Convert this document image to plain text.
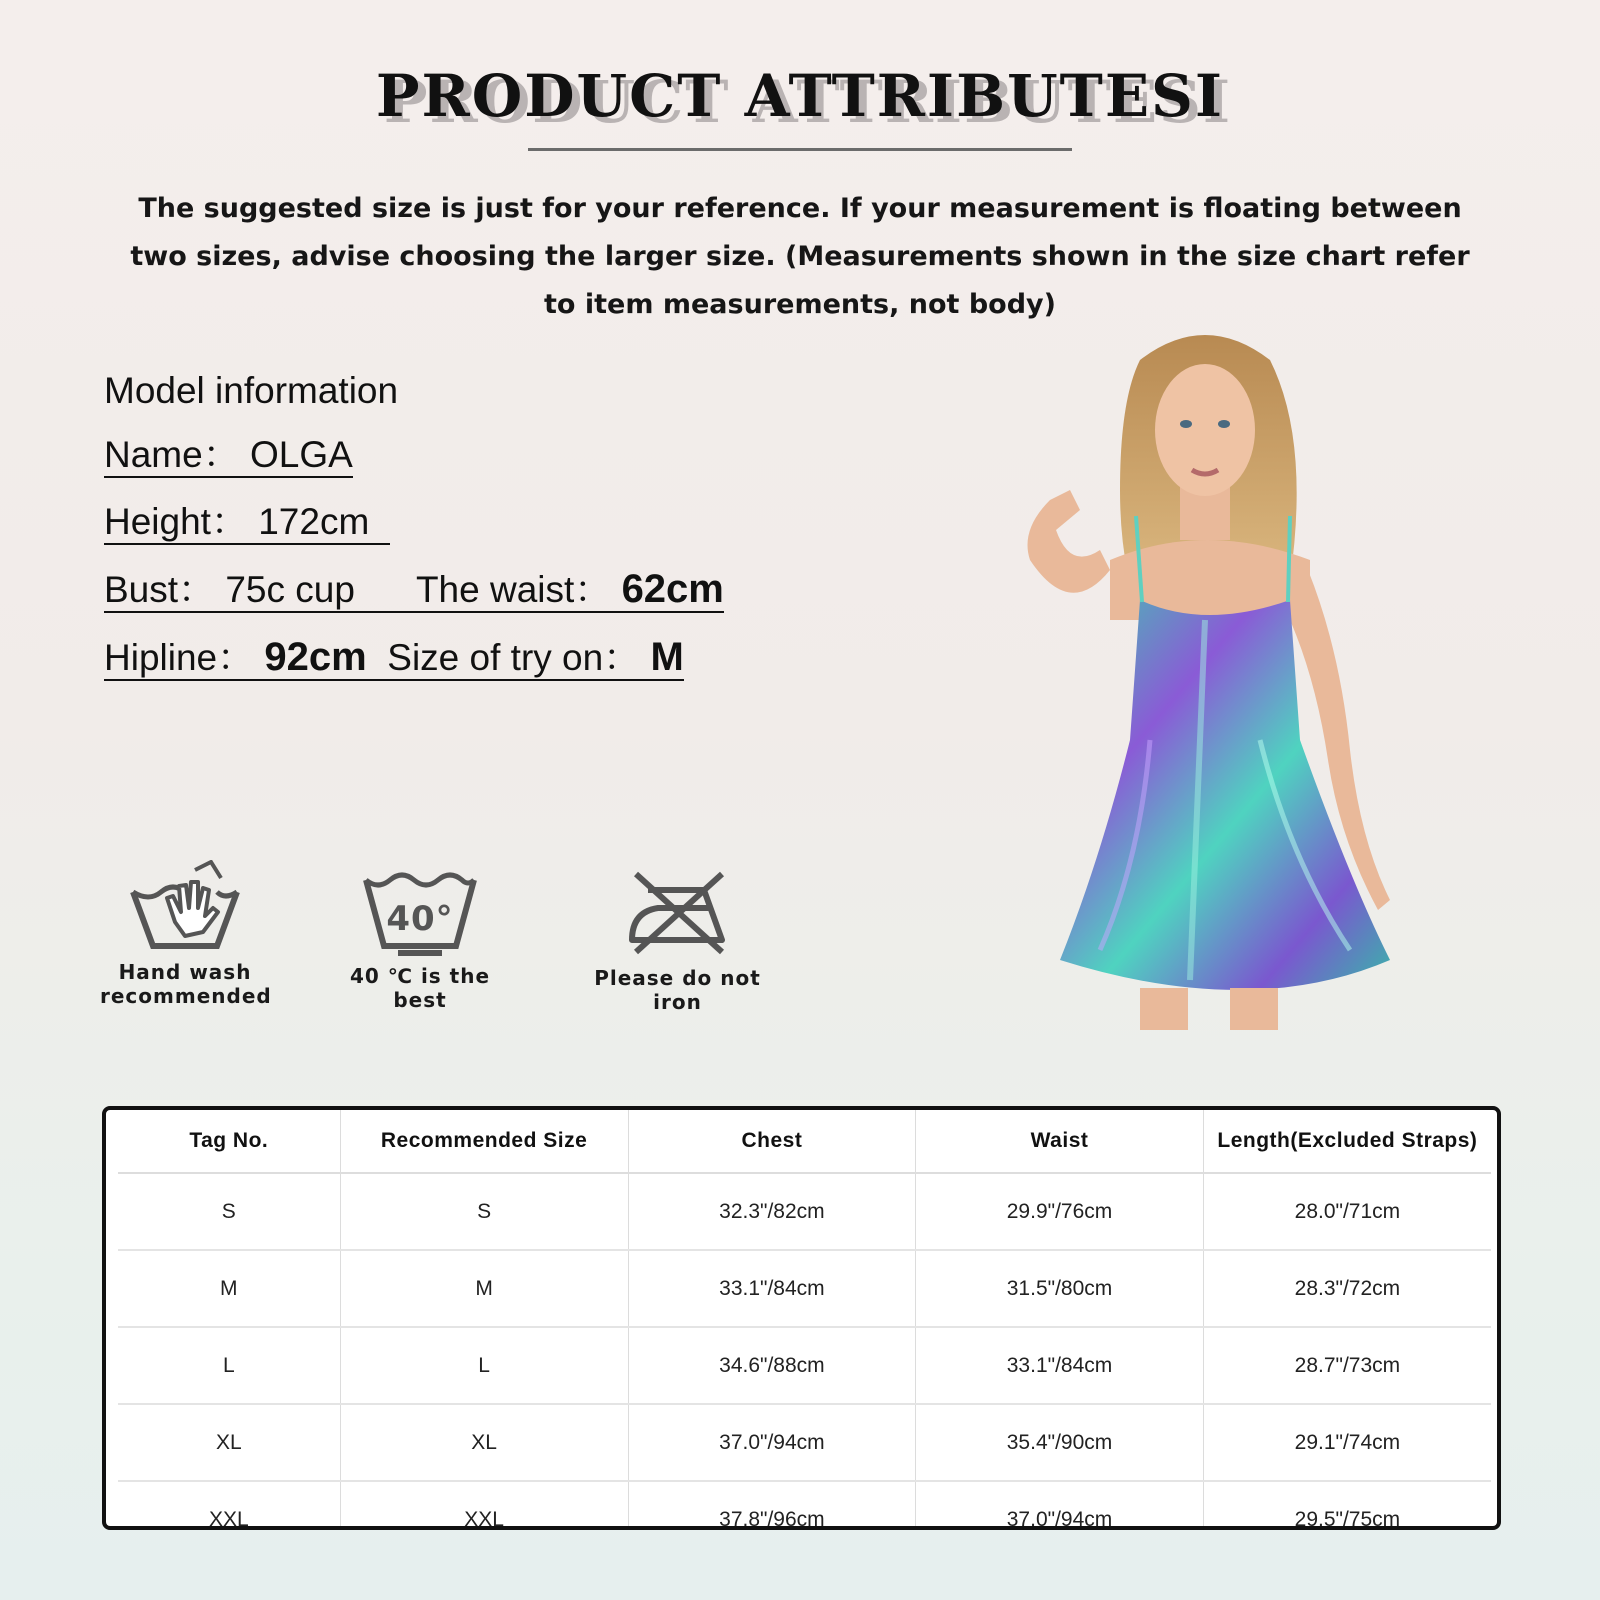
PRODUCT ATTRIBUTESI
The suggested size is just for your reference. If your measurement is floating between two sizes, advise choosing the larger size. (Measurements shown in the size chart refer to item measurements, not body)
Model information
Name： OLGA
Height： 172cm
Bust： 75c cup The waist： 62cm
Hipline： 92cm Size of try on： M
Hand wash
recommended
40°
40 ℃ is the best
Please do not iron
Tag No.	Recommended Size	Chest	Waist	Length(Excluded Straps)
S	S	32.3"/82cm	29.9"/76cm	28.0"/71cm
M	M	33.1"/84cm	31.5"/80cm	28.3"/72cm
L	L	34.6"/88cm	33.1"/84cm	28.7"/73cm
XL	XL	37.0"/94cm	35.4"/90cm	29.1"/74cm
XXL	XXL	37.8"/96cm	37.0"/94cm	29.5"/75cm
